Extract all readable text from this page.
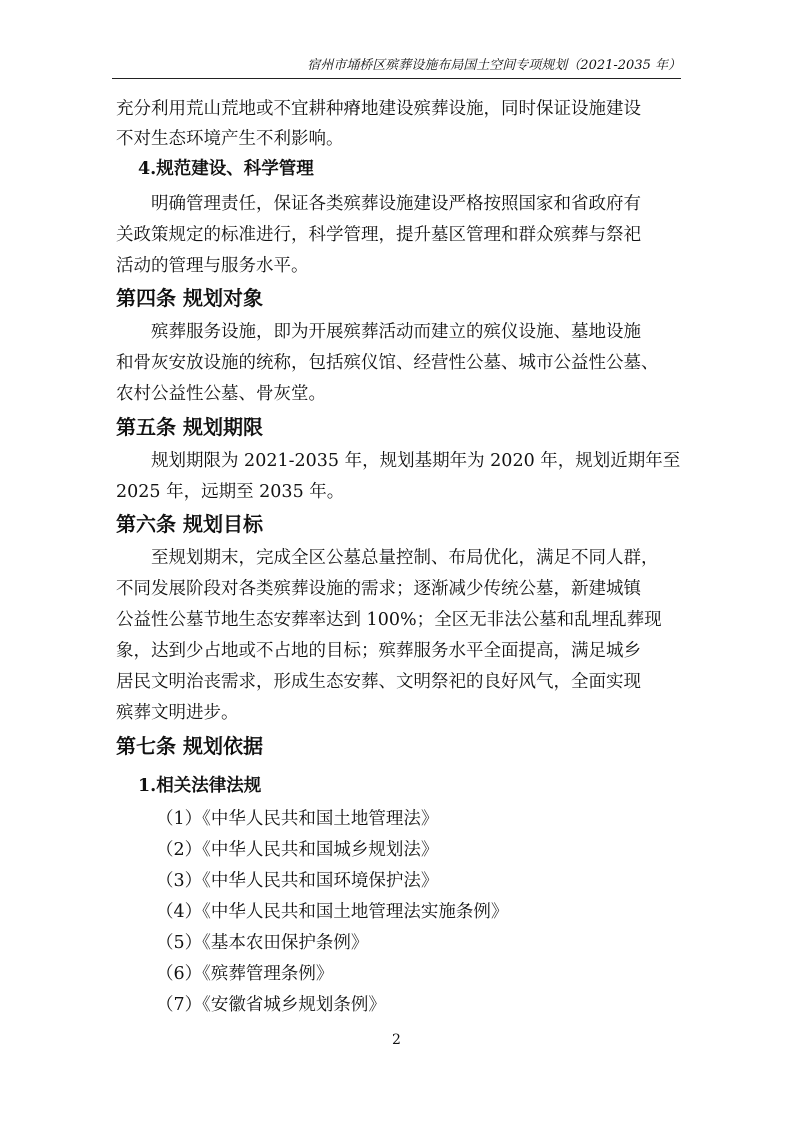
宿州市埇桥区殡葬设施布局国土空间专项规划（2021-2035 年）

充分利用荒山荒地或不宜耕种瘠地建设殡葬设施，同时保证设施建设

不对生态环境产生不利影响。

4.规范建设、科学管理

明确管理责任，保证各类殡葬设施建设严格按照国家和省政府有

关政策规定的标准进行，科学管理，提升墓区管理和群众殡葬与祭祀

活动的管理与服务水平。

第四条 规划对象

殡葬服务设施，即为开展殡葬活动而建立的殡仪设施、墓地设施

和骨灰安放设施的统称，包括殡仪馆、经营性公墓、城市公益性公墓、

农村公益性公墓、骨灰堂。

第五条 规划期限

规划期限为 2021-2035 年，规划基期年为 2020 年，规划近期年至

2025 年，远期至 2035 年。

第六条 规划目标

至规划期末，完成全区公墓总量控制、布局优化，满足不同人群，

不同发展阶段对各类殡葬设施的需求；逐渐减少传统公墓，新建城镇

公益性公墓节地生态安葬率达到 100%；全区无非法公墓和乱埋乱葬现

象，达到少占地或不占地的目标；殡葬服务水平全面提高，满足城乡

居民文明治丧需求，形成生态安葬、文明祭祀的良好风气，全面实现

殡葬文明进步。

第七条 规划依据
1.相关法律法规
（1）《中华人民共和国土地管理法》
（2）《中华人民共和国城乡规划法》
（3）《中华人民共和国环境保护法》
（4）《中华人民共和国土地管理法实施条例》
（5）《基本农田保护条例》
（6）《殡葬管理条例》
（7）《安徽省城乡规划条例》
2
